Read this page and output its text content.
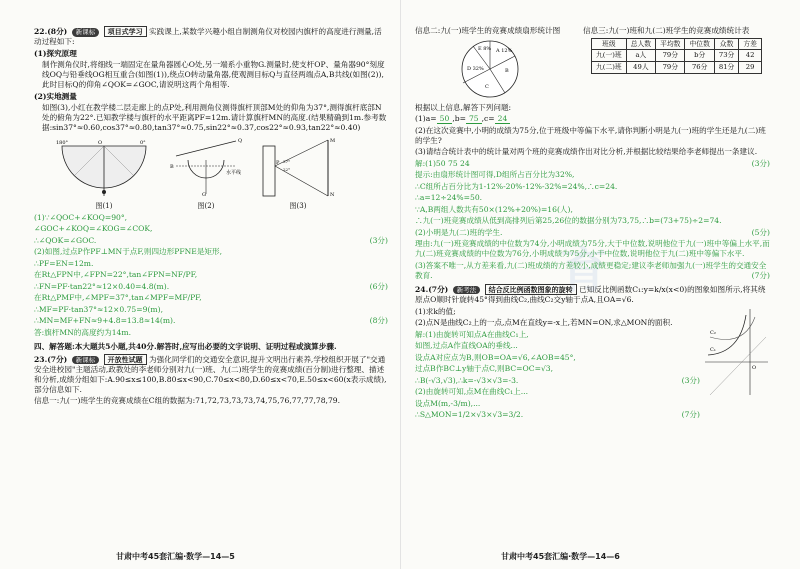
育

22.(8分) 新课标 项目式学习 实践课上,某数学兴趣小组自制测角仪对校园内旗杆的高度进行测量,活动过程如下:

(1)探究原理

制作测角仪时,将细线一端固定在量角器圆心O处,另一端系小重物G.测量时,使支杆OP、量角器90°刻度线OQ与铅垂线OG相互重合(如图(1)),绕点O转动量角器,使观测目标Q与直径两端点A,B共线(如图(2)),此时目标Q的仰角∠QOK=∠GOC,请说明这两个角相等.

(2)实地测量

如图(3),小红在教学楼二层走廊上的点P处,利用测角仪测得旗杆顶部M处的仰角为37°,测得旗杆底部N处的俯角为22°.已知教学楼与旗杆的水平距离PF=12m.请计算旗杆MN的高度.(结果精确到1m.参考数据:sin37°≈0.60,cos37°≈0.80,tan37°≈0.75,sin22°≈0.37,cos22°≈0.93,tan22°≈0.40)

180°	0°
O
图(1)
Q
水平线
B
G
图(2)
M
N
P 37°
22°
图(3)

(1)∵∠QOC+∠KOQ=90°,

∠GOC+∠KOQ=∠KOG=∠COK,

∴∠QOK=∠GOC.	(3分)

(2)如图,过点P作PF⊥MN于点F,则四边形PFNE是矩形,

∴PF=EN=12m.

在Rt△FPN中,∠FPN=22°,tan∠FPN=NF/PF,

∴FN=PF·tan22°≈12×0.40=4.8(m).	(6分)

在Rt△PMF中,∠MPF=37°,tan∠MPF=MF/PF,

∴MF=PF·tan37°≈12×0.75=9(m),

∴MN=MF+FN≈9+4.8=13.8≈14(m).	(8分)

答:旗杆MN的高度约为14m.

四、解答题:本大题共5小题,共40分.解答时,应写出必要的文字说明、证明过程或演算步骤.

23.(7分) 新课标 开放性试题 为强化同学们的交通安全意识,提升文明出行素养,学校组织开展了"交通安全进校园"主题活动,政教处的李老师分别对九(一)班、九(二)班学生的竞赛成绩(百分制)进行整理、描述和分析,成绩分组如下:A.90≤x≤100,B.80≤x<90,C.70≤x<80,D.60≤x<70,E.50≤x<60(x表示成绩),部分信息如下.

信息一:九(一)班学生的竞赛成绩在C组的数据为:71,72,73,73,73,74,75,76,77,77,78,79.

甘肃中考45套汇编·数学—14—5

信息二:九(一)班学生的竞赛成绩扇形统计图

A 12%
B
C
D 32%
E 8%

信息三:九(一)班和九(二)班学生的竞赛成绩统计表

班级	总人数	平均数	中位数	众数	方差
九(一)班	a人	79分	b分	73分	42
九(二)班	49人	79分	76分	81分	29

根据以上信息,解答下列问题:

(1)a= 50 ,b= 75 ,c= 24

(2)在这次竞赛中,小明的成绩为75分,位于班级中等偏下水平,请你判断小明是九(一)班的学生还是九(二)班的学生?

(3)请结合统计表中的统计量对两个班的竞赛成绩作出对比分析,并根据比较结果给李老师提出一条建议.

解:(1)50 75 24	(3分)

提示:由扇形统计图可得,D组所占百分比为32%,

∴C组所占百分比为1-12%-20%-12%-32%=24%,∴c=24.

∴a=12÷24%=50.

∵A,B两组人数共有50×(12%+20%)=16(人),

∴九(一)班竞赛成绩从低到高排列后第25,26位的数据分别为73,75,∴b=(73+75)÷2=74.

(2)小明是九(二)班的学生.	(5分)

理由:九(一)班竞赛成绩的中位数为74分,小明成绩为75分,大于中位数,说明他位于九(一)班中等偏上水平,而九(二)班竞赛成绩的中位数为76分,小明成绩为75分,小于中位数,说明他位于九(二)班中等偏下水平.

(3)答案不唯一,从方差来看,九(二)班成绩的方差较小,成绩更稳定;建议李老师加强九(一)班学生的交通安全教育.	(7分)

24.(7分) 新考法 结合反比例函数图象的旋转 已知反比例函数C₁:y=k/x(x<0)的图象如图所示,将其绕原点O顺时针旋转45°得到曲线C₂,曲线C₂交y轴于点A,且OA=√6.

(1)求k的值;

(2)点N是曲线C₂上的一点,点M在直线y=-x上,若MN=ON,求△MON的面积.

解:(1)由旋转可知点A在曲线C₁上,

如图,过点A作直线OA的垂线...

设点A对应点为B,则OB=OA=√6,∠AOB=45°,

过点B作BC⊥y轴于点C,则BC=OC=√3,

∴B(-√3,√3),∴k=-√3×√3=-3.	(3分)

(2)由旋转可知,点M在曲线C₁上...

设点M(m,-3/m),...

∴S△MON=1/2×√3×√3=3/2.	(7分)

O
C₁
C₂
甘肃中考45套汇编·数学—14—6
